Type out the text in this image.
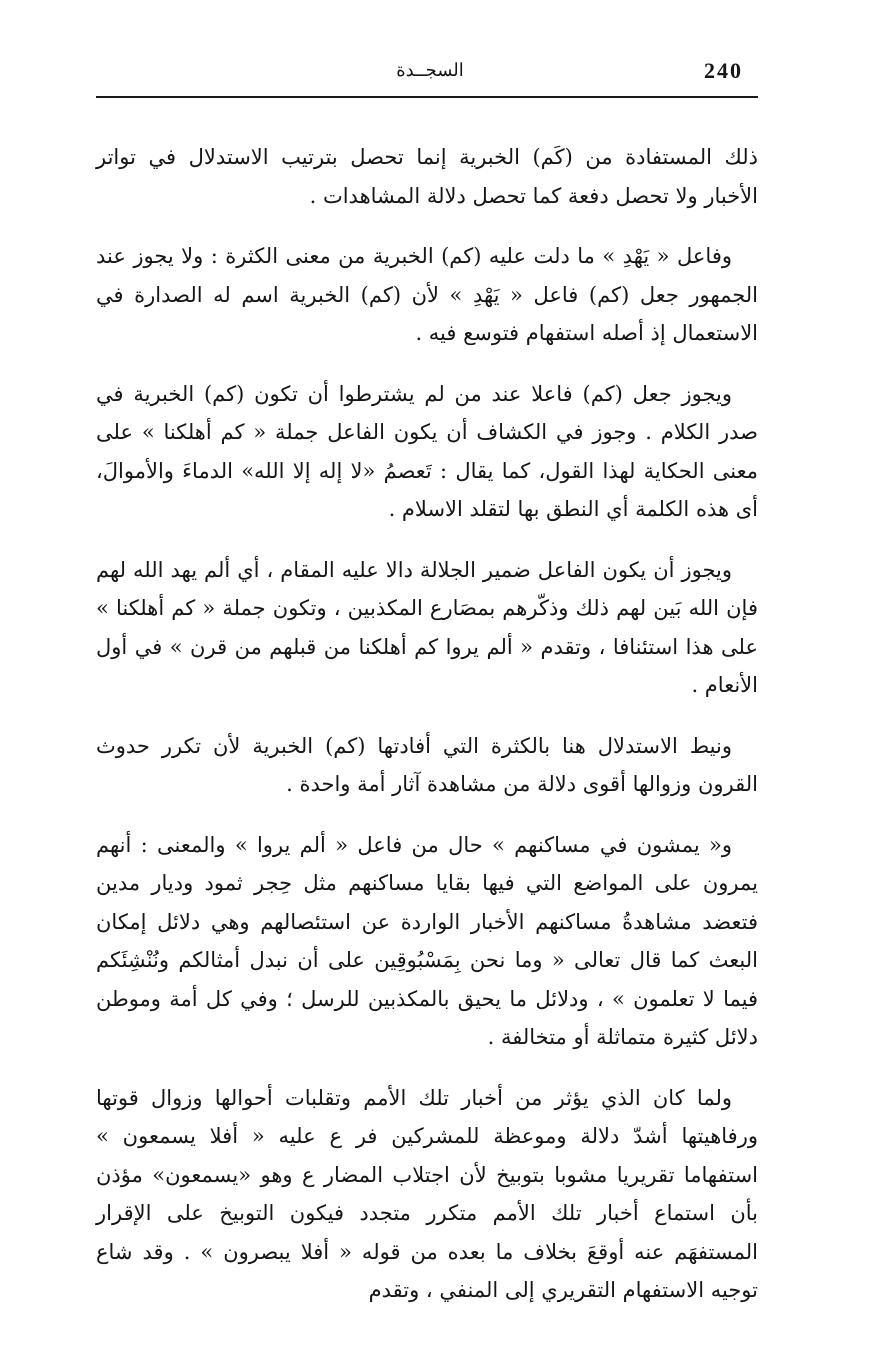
240
السجــدة

ذلك المستفادة من (كَم) الخبرية إنما تحصل بترتيب الاستدلال في تواتر الأخبار ولا تحصل دفعة كما تحصل دلالة المشاهدات .

وفاعل « يَهْدِ » ما دلت عليه (كم) الخبرية من معنى الكثرة : ولا يجوز عند الجمهور جعل (كم) فاعل « يَهْدِ » لأن (كم) الخبرية اسم له الصدارة في الاستعمال إذ أصله استفهام فتوسع فيه .

ويجوز جعل (كم) فاعلا عند من لم يشترطوا أن تكون (كم) الخبرية في صدر الكلام . وجوز في الكشاف أن يكون الفاعل جملة « كم أهلكنا » على معنى الحكاية لهذا القول، كما يقال : تَعصمُ «لا إله إلا الله» الدماءَ والأموالَ، أى هذه الكلمة أي النطق بها لتقلد الاسلام .

ويجوز أن يكون الفاعل ضمير الجلالة دالا عليه المقام ، أي ألم يهد الله لهم فإن الله بَين لهم ذلك وذكّرهم بمصَارع المكذبين ، وتكون جملة « كم أهلكنا » على هذا استئنافا ، وتقدم « ألم يروا كم أهلكنا من قبلهم من قرن » في أول الأنعام .

ونيط الاستدلال هنا بالكثرة التي أفادتها (كم) الخبرية لأن تكرر حدوث القرون وزوالها أقوى دلالة من مشاهدة آثار أمة واحدة .

و« يمشون في مساكنهم » حال من فاعل « ألم يروا » والمعنى : أنهم يمرون على المواضع التي فيها بقايا مساكنهم مثل حِجر ثمود وديار مدين فتعضد مشاهدةُ مساكنهم الأخبار الواردة عن استئصالهم وهي دلائل إمكان البعث كما قال تعالى « وما نحن بِمَسْبُوقِين على أن نبدل أمثالكم ونُنْشِئَكم فيما لا تعلمون » ، ودلائل ما يحيق بالمكذبين للرسل ؛ وفي كل أمة وموطن دلائل كثيرة متماثلة أو متخالفة .

ولما كان الذي يؤثر من أخبار تلك الأمم وتقلبات أحوالها وزوال قوتها ورفاهيتها أشدّ دلالة وموعظة للمشركين فر ع عليه « أفلا يسمعون » استفهاما تقريريا مشوبا بتوبيخ لأن اجتلاب المضار ع وهو «يسمعون» مؤذن بأن استماع أخبار تلك الأمم متكرر متجدد فيكون التوبيخ على الإقرار المستفهَم عنه أوقعَ بخلاف ما بعده من قوله « أفلا يبصرون » . وقد شاع توجيه الاستفهام التقريري إلى المنفي ، وتقدم
